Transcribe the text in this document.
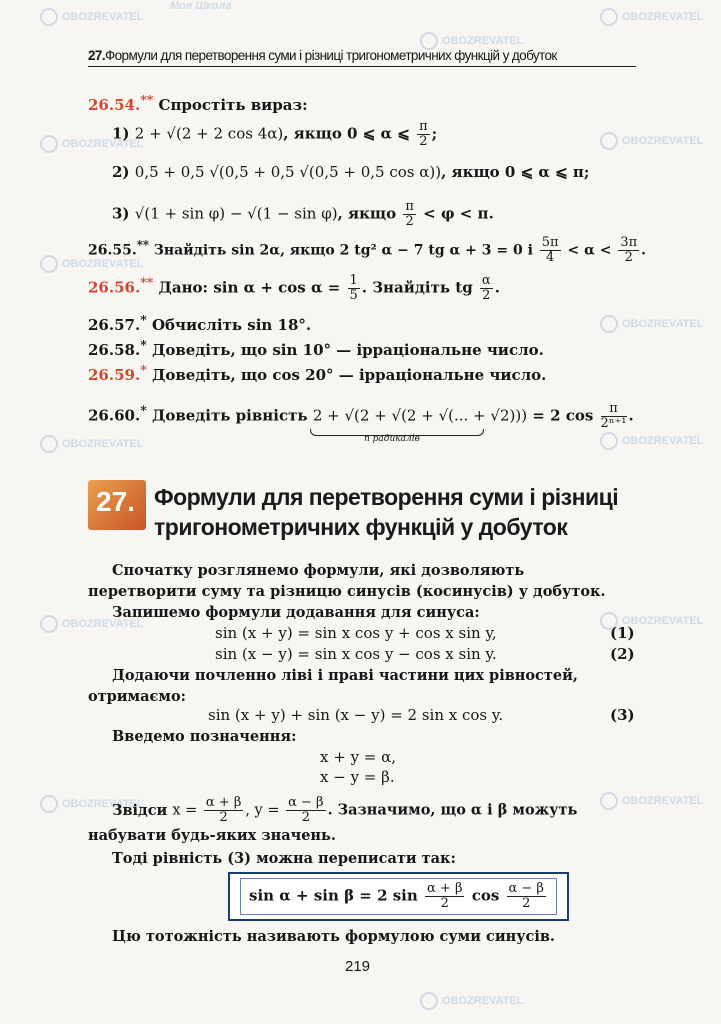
OBOZREVATEL
Моя Школа
OBOZREVATEL
OBOZREVATEL
OBOZREVATEL	OBOZREVATEL
OBOZREVATEL
OBOZREVATEL
OBOZREVATEL	OBOZREVATEL
OBOZREVATEL	OBOZREVATEL
OBOZREVATEL	OBOZREVATEL
OBOZREVATEL
27.Формули для перетворення суми і різниці тригонометричних функцій у добуток
26.54.** Спростіть вираз:
1) 2 + √(2 + 2 cos 4α), якщо 0 ⩽ α ⩽ $\frac{\pi}{2}$ ;
2) 0,5 + 0,5 √(0,5 + 0,5 √(0,5 + 0,5 cos α)), якщо 0 ⩽ α ⩽ π;
3) √(1 + sin φ) − √(1 − sin φ), якщо $\frac{\pi}{2} < \varphi < \pi$.
26.55.** Знайдіть sin 2α, якщо 2 tg² α − 7 tg α + 3 = 0 і $\frac{5\pi}{4} < \alpha < \frac{3\pi}{2}$ .
26.56.** Дано: $\sin \alpha + \cos \alpha = \frac{1}{5}$ . Знайдіть tg $\frac{\alpha}{2}$ .
26.57.* Обчисліть sin 18°.
26.58.* Доведіть, що sin 10° — ірраціональне число.
26.59.* Доведіть, що cos 20° — ірраціональне число.
26.60.* Доведіть рівність 2 + √(2 + √(2 + √(... + √2))) = 2 $\cos \frac{\pi}{\text{2ⁿ⁺¹}}$ .
n радикалів
27. Формули для перетворення суми і різниці
тригонометричних функцій у добуток
Спочатку розглянемо формули, які дозволяють перетворити суму та різницю синусів (косинусів) у добуток.
Запишемо формули додавання для синуса:
sin (x + y) = sin x cos y + cos x sin y,	(1)
sin (x − y) = sin x cos y − cos x sin y.	(2)
Додаючи почленно ліві і праві частини цих рівностей, отримаємо:
sin (x + y) + sin (x − y) = 2 sin x cos y.	(3)
Введемо позначення:
x + y = α,
x − y = β.
Звідси $x = \frac{\alpha + \beta}{2}$ , $y = \frac{\alpha - \beta}{2}$ . Зазначимо, що α і β можуть набувати будь-яких значень.
Тоді рівність (3) можна переписати так:
sin α + sin β = 2 $\sin \frac{\alpha + \beta}{2}$ $\cos \frac{\alpha - \beta}{2}$
Цю тотожність називають формулою суми синусів.
219
